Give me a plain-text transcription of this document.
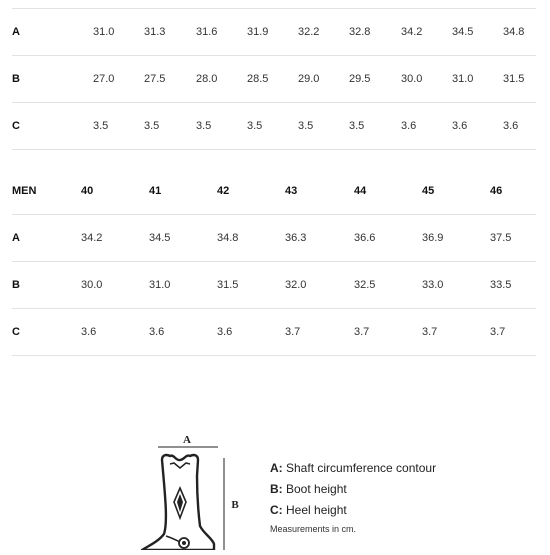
A	31.0	31.3	31.6	31.9	32.2	32.8	34.2	34.5	34.8
B	27.0	27.5	28.0	28.5	29.0	29.5	30.0	31.0	31.5
C	3.5	3.5	3.5	3.5	3.5	3.5	3.6	3.6	3.6
MEN	40	41	42	43	44	45	46
A	34.2	34.5	34.8	36.3	36.6	36.9	37.5
B	30.0	31.0	31.5	32.0	32.5	33.0	33.5
C	3.6	3.6	3.6	3.7	3.7	3.7	3.7
A
B
A: Shaft circumference contour
B: Boot height
C: Heel height
Measurements in cm.
